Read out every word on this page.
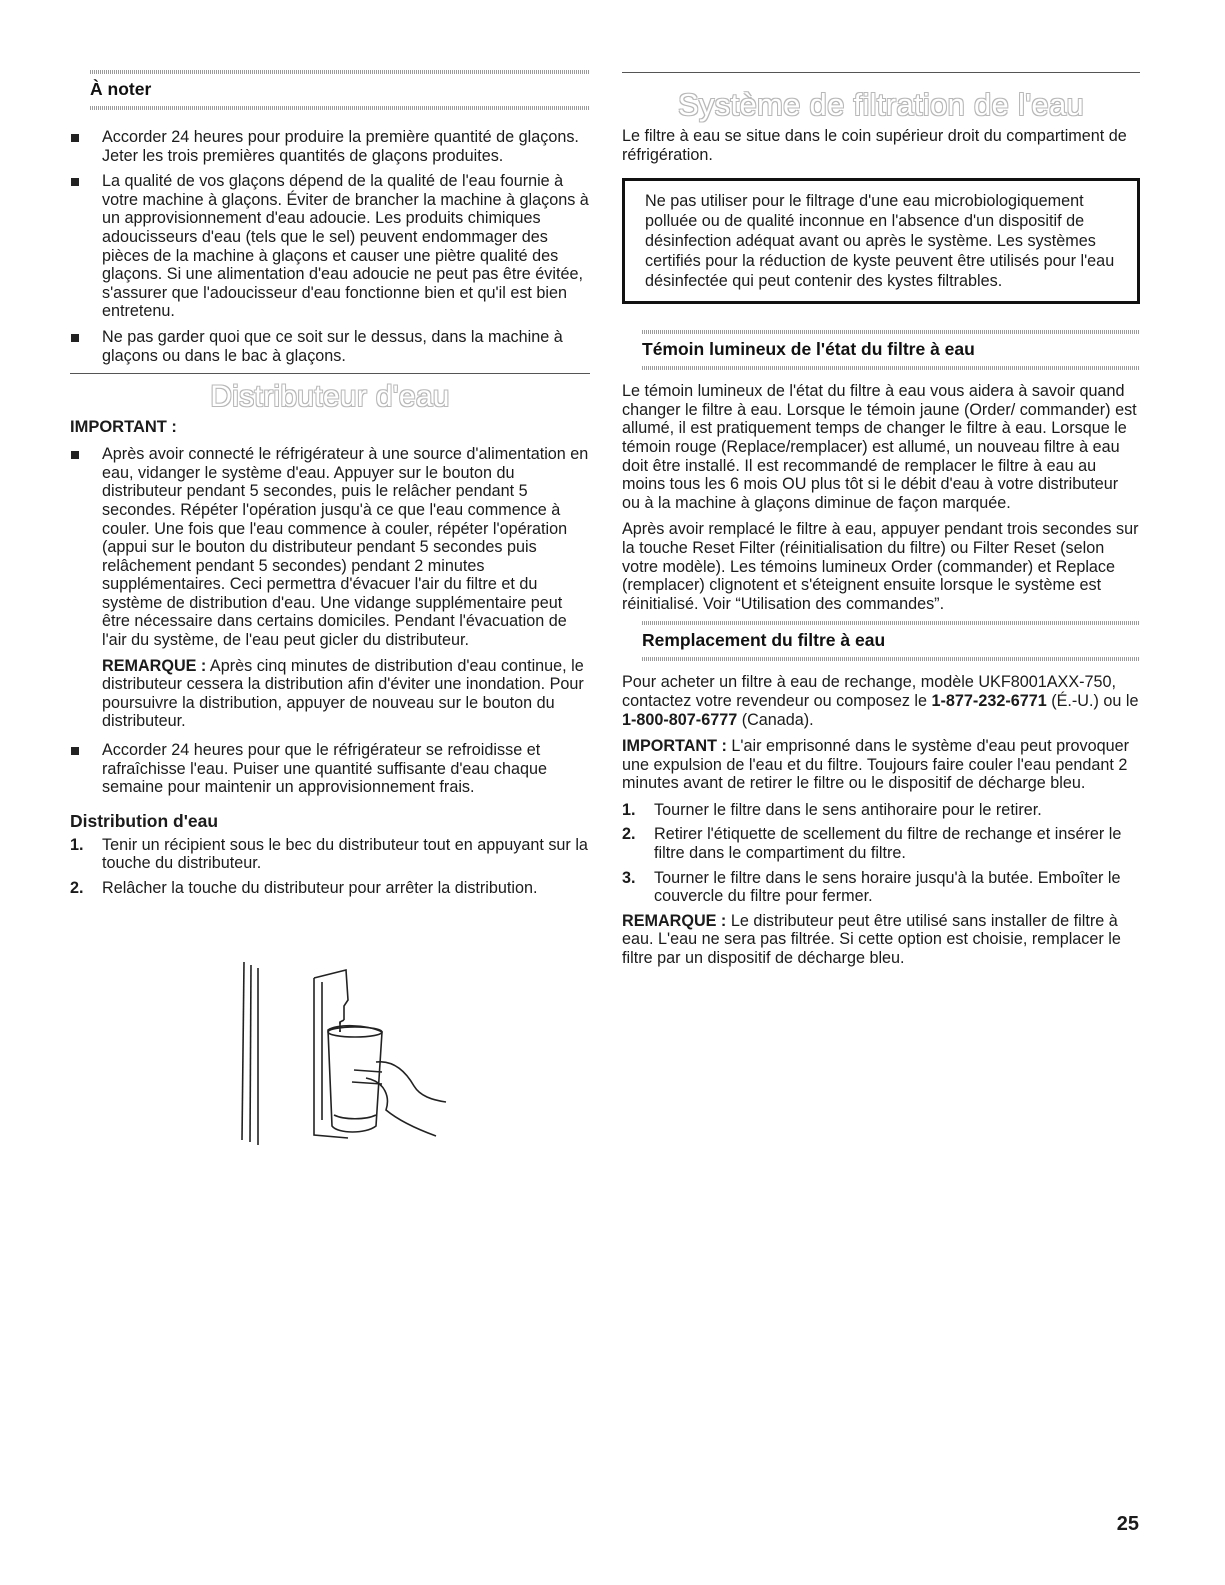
À noter
Accorder 24 heures pour produire la première quantité de glaçons. Jeter les trois premières quantités de glaçons produites.
La qualité de vos glaçons dépend de la qualité de l'eau fournie à votre machine à glaçons. Éviter de brancher la machine à glaçons à un approvisionnement d'eau adoucie. Les produits chimiques adoucisseurs d'eau (tels que le sel) peuvent endommager des pièces de la machine à glaçons et causer une piètre qualité des glaçons. Si une alimentation d'eau adoucie ne peut pas être évitée, s'assurer que l'adoucisseur d'eau fonctionne bien et qu'il est bien entretenu.
Ne pas garder quoi que ce soit sur le dessus, dans la machine à glaçons ou dans le bac à glaçons.
Distributeur d'eau
IMPORTANT :
Après avoir connecté le réfrigérateur à une source d'alimentation en eau, vidanger le système d'eau. Appuyer sur le bouton du distributeur pendant 5 secondes, puis le relâcher pendant 5 secondes. Répéter l'opération jusqu'à ce que l'eau commence à couler. Une fois que l'eau commence à couler, répéter l'opération (appui sur le bouton du distributeur pendant 5 secondes puis relâchement pendant 5 secondes) pendant 2 minutes supplémentaires. Ceci permettra d'évacuer l'air du filtre et du système de distribution d'eau. Une vidange supplémentaire peut être nécessaire dans certains domiciles. Pendant l'évacuation de l'air du système, de l'eau peut gicler du distributeur.

REMARQUE : Après cinq minutes de distribution d'eau continue, le distributeur cessera la distribution afin d'éviter une inondation. Pour poursuivre la distribution, appuyer de nouveau sur le bouton du distributeur.

Accorder 24 heures pour que le réfrigérateur se refroidisse et rafraîchisse l'eau. Puiser une quantité suffisante d'eau chaque semaine pour maintenir un approvisionnement frais.
Distribution d'eau
1. Tenir un récipient sous le bec du distributeur tout en appuyant sur la touche du distributeur.
2. Relâcher la touche du distributeur pour arrêter la distribution.
Système de filtration de l'eau

Le filtre à eau se situe dans le coin supérieur droit du compartiment de réfrigération.

Ne pas utiliser pour le filtrage d'une eau microbiologiquement polluée ou de qualité inconnue en l'absence d'un dispositif de désinfection adéquat avant ou après le système. Les systèmes certifiés pour la réduction de kyste peuvent être utilisés pour l'eau désinfectée qui peut contenir des kystes filtrables.

Témoin lumineux de l'état du filtre à eau

Le témoin lumineux de l'état du filtre à eau vous aidera à savoir quand changer le filtre à eau. Lorsque le témoin jaune (Order/ commander) est allumé, il est pratiquement temps de changer le filtre à eau. Lorsque le témoin rouge (Replace/remplacer) est allumé, un nouveau filtre à eau doit être installé. Il est recommandé de remplacer le filtre à eau au moins tous les 6 mois OU plus tôt si le débit d'eau à votre distributeur ou à la machine à glaçons diminue de façon marquée.

Après avoir remplacé le filtre à eau, appuyer pendant trois secondes sur la touche Reset Filter (réinitialisation du filtre) ou Filter Reset (selon votre modèle). Les témoins lumineux Order (commander) et Replace (remplacer) clignotent et s'éteignent ensuite lorsque le système est réinitialisé. Voir “Utilisation des commandes”.

Remplacement du filtre à eau

Pour acheter un filtre à eau de rechange, modèle UKF8001AXX-750, contactez votre revendeur ou composez le 1-877-232-6771 (É.-U.) ou le 1-800-807-6777 (Canada).

IMPORTANT : L'air emprisonné dans le système d'eau peut provoquer une expulsion de l'eau et du filtre. Toujours faire couler l'eau pendant 2 minutes avant de retirer le filtre ou le dispositif de décharge bleu.

1. Tourner le filtre dans le sens antihoraire pour le retirer.
2. Retirer l'étiquette de scellement du filtre de rechange et insérer le filtre dans le compartiment du filtre.
3. Tourner le filtre dans le sens horaire jusqu'à la butée. Emboîter le couvercle du filtre pour fermer.

REMARQUE : Le distributeur peut être utilisé sans installer de filtre à eau. L'eau ne sera pas filtrée. Si cette option est choisie, remplacer le filtre par un dispositif de décharge bleu.

25
